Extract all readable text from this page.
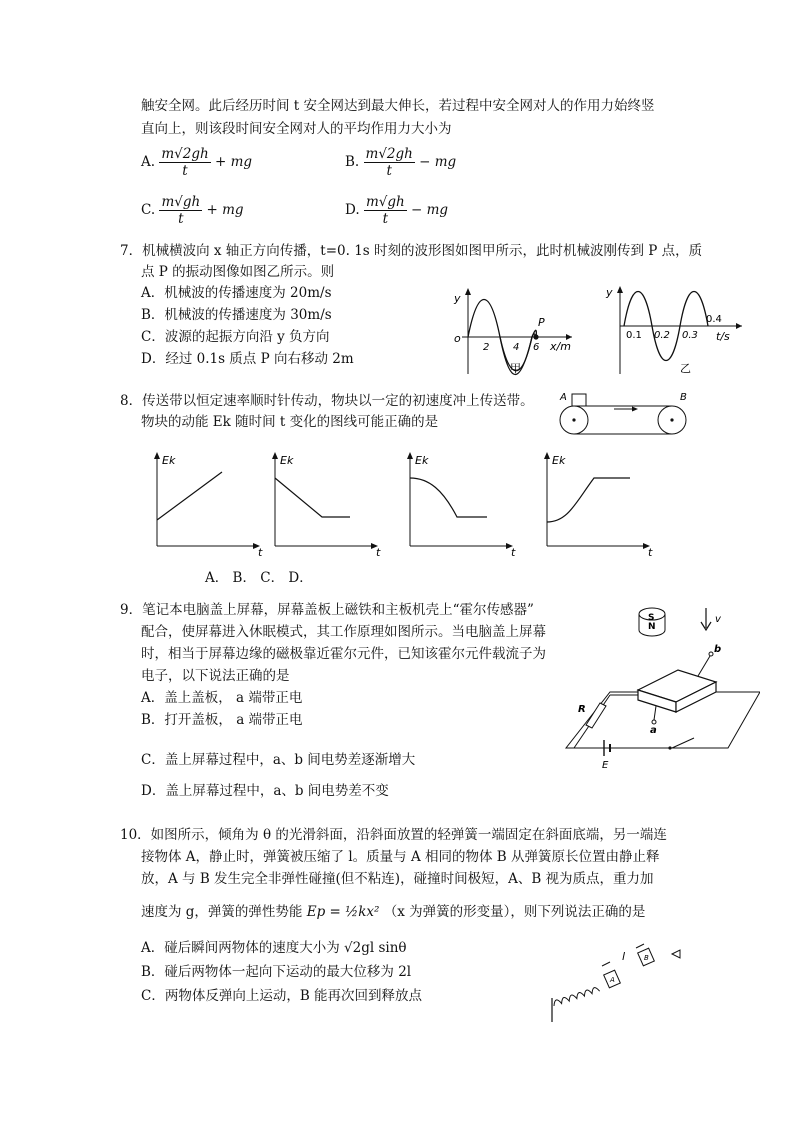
触安全网。此后经历时间 t 安全网达到最大伸长，若过程中安全网对人的作用力始终竖
直向上，则该段时间安全网对人的平均作用力大小为
A. $\frac{m√2gh}{t}$ + mg	B. $\frac{m√2gh}{t}$ − mg
C. $\frac{m√gh}{t}$ + mg	D. $\frac{m√gh}{t}$ − mg
7．机械横波向 x 轴正方向传播，t=0. 1s 时刻的波形图如图甲所示，此时机械波刚传到 P 点，质
点 P 的振动图像如图乙所示。则
A．机械波的传播速度为 20m/s
B．机械波的传播速度为 30m/s
C．波源的起振方向沿 y 负方向
D．经过 0.1s 质点 P 向右移动 2m
y
o
2 4 6
P
x/m
甲
y
0.1 0.2 0.3
0.4
t/s
乙
8．传送带以恒定速率顺时针传动，物块以一定的初速度冲上传送带。
物块的动能 Ek 随时间 t 变化的图线可能正确的是
A	B
Ek
t
Ek
t
Ek
t
Ek
t
A． B． C． D．
9．笔记本电脑盖上屏幕，屏幕盖板上磁铁和主板机壳上“霍尔传感器”
配合，使屏幕进入休眠模式，其工作原理如图所示。当电脑盖上屏幕
时，相当于屏幕边缘的磁极靠近霍尔元件，已知该霍尔元件载流子为
电子，以下说法正确的是
A．盖上盖板， a 端带正电
B．打开盖板， a 端带正电
C．盖上屏幕过程中，a、b 间电势差逐渐增大
D．盖上屏幕过程中，a、b 间电势差不变
S
N
v
b
a
R
E
10．如图所示，倾角为 θ 的光滑斜面，沿斜面放置的轻弹簧一端固定在斜面底端，另一端连
接物体 A，静止时，弹簧被压缩了 l。质量与 A 相同的物体 B 从弹簧原长位置由静止释
放，A 与 B 发生完全非弹性碰撞(但不粘连)，碰撞时间极短，A、B 视为质点，重力加
速度为 g，弹簧的弹性势能 Ep = ½kx² （x 为弹簧的形变量），则下列说法正确的是
A．碰后瞬间两物体的速度大小为 √2gl sinθ
B．碰后两物体一起向下运动的最大位移为 2l
C．两物体反弹向上运动，B 能再次回到释放点
A
B
l
